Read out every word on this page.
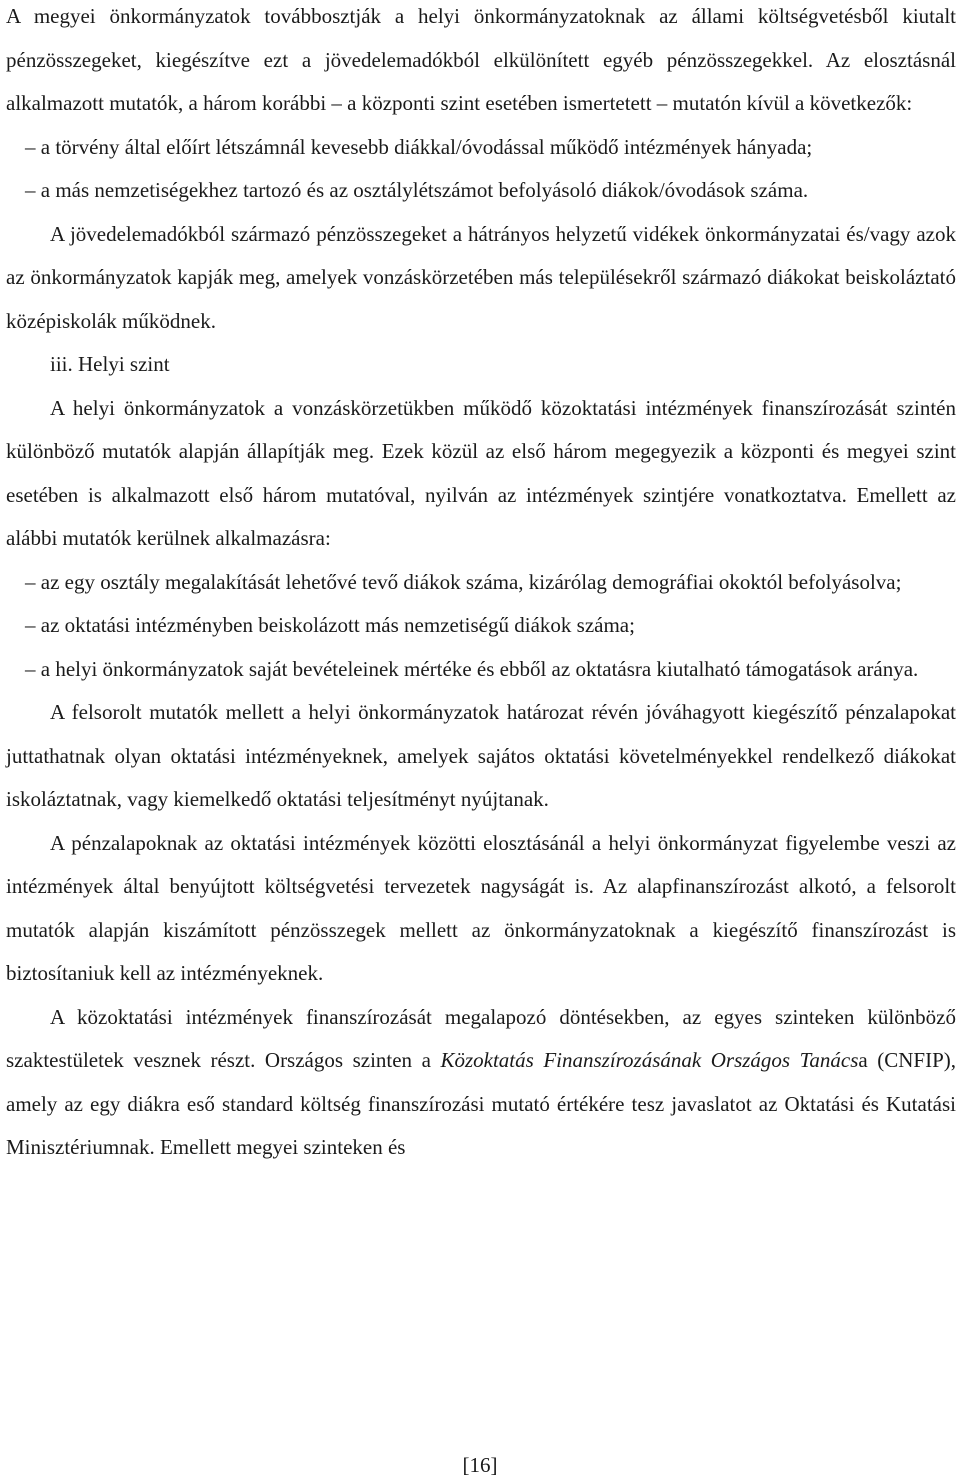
A megyei önkormányzatok továbbosztják a helyi önkormányzatoknak az állami költségvetésből kiutalt pénzösszegeket, kiegészítve ezt a jövedelemadókból elkülönített egyéb pénzösszegekkel. Az elosztásnál alkalmazott mutatók, a három korábbi – a központi szint esetében ismertetett – mutatón kívül a következők:

– a törvény által előírt létszámnál kevesebb diákkal/óvodással működő intézmények hányada;

– a más nemzetiségekhez tartozó és az osztálylétszámot befolyásoló diákok/óvodások száma.

A jövedelemadókból származó pénzösszegeket a hátrányos helyzetű vidékek önkormányzatai és/vagy azok az önkormányzatok kapják meg, amelyek vonzáskörzetében más településekről származó diákokat beiskoláztató középiskolák működnek.

iii. Helyi szint

A helyi önkormányzatok a vonzáskörzetükben működő közoktatási intézmények finanszírozását szintén különböző mutatók alapján állapítják meg. Ezek közül az első három megegyezik a központi és megyei szint esetében is alkalmazott első három mutatóval, nyilván az intézmények szintjére vonatkoztatva. Emellett az alábbi mutatók kerülnek alkalmazásra:

– az egy osztály megalakítását lehetővé tevő diákok száma, kizárólag demográfiai okoktól befolyásolva;

– az oktatási intézményben beiskolázott más nemzetiségű diákok száma;

– a helyi önkormányzatok saját bevételeinek mértéke és ebből az oktatásra kiutalható támogatások aránya.

A felsorolt mutatók mellett a helyi önkormányzatok határozat révén jóváhagyott kiegészítő pénzalapokat juttathatnak olyan oktatási intézményeknek, amelyek sajátos oktatási követelményekkel rendelkező diákokat iskoláztatnak, vagy kiemelkedő oktatási teljesítményt nyújtanak.

A pénzalapoknak az oktatási intézmények közötti elosztásánál a helyi önkormányzat figyelembe veszi az intézmények által benyújtott költségvetési tervezetek nagyságát is. Az alapfinanszírozást alkotó, a felsorolt mutatók alapján kiszámított pénzösszegek mellett az önkormányzatoknak a kiegészítő finanszírozást is biztosítaniuk kell az intézményeknek.

A közoktatási intézmények finanszírozását megalapozó döntésekben, az egyes szinteken különböző szaktestületek vesznek részt. Országos szinten a Közoktatás Finanszírozásának Országos Tanácsa (CNFIP), amely az egy diákra eső standard költség finanszírozási mutató értékére tesz javaslatot az Oktatási és Kutatási Minisztériumnak. Emellett megyei szinteken és

[16]
